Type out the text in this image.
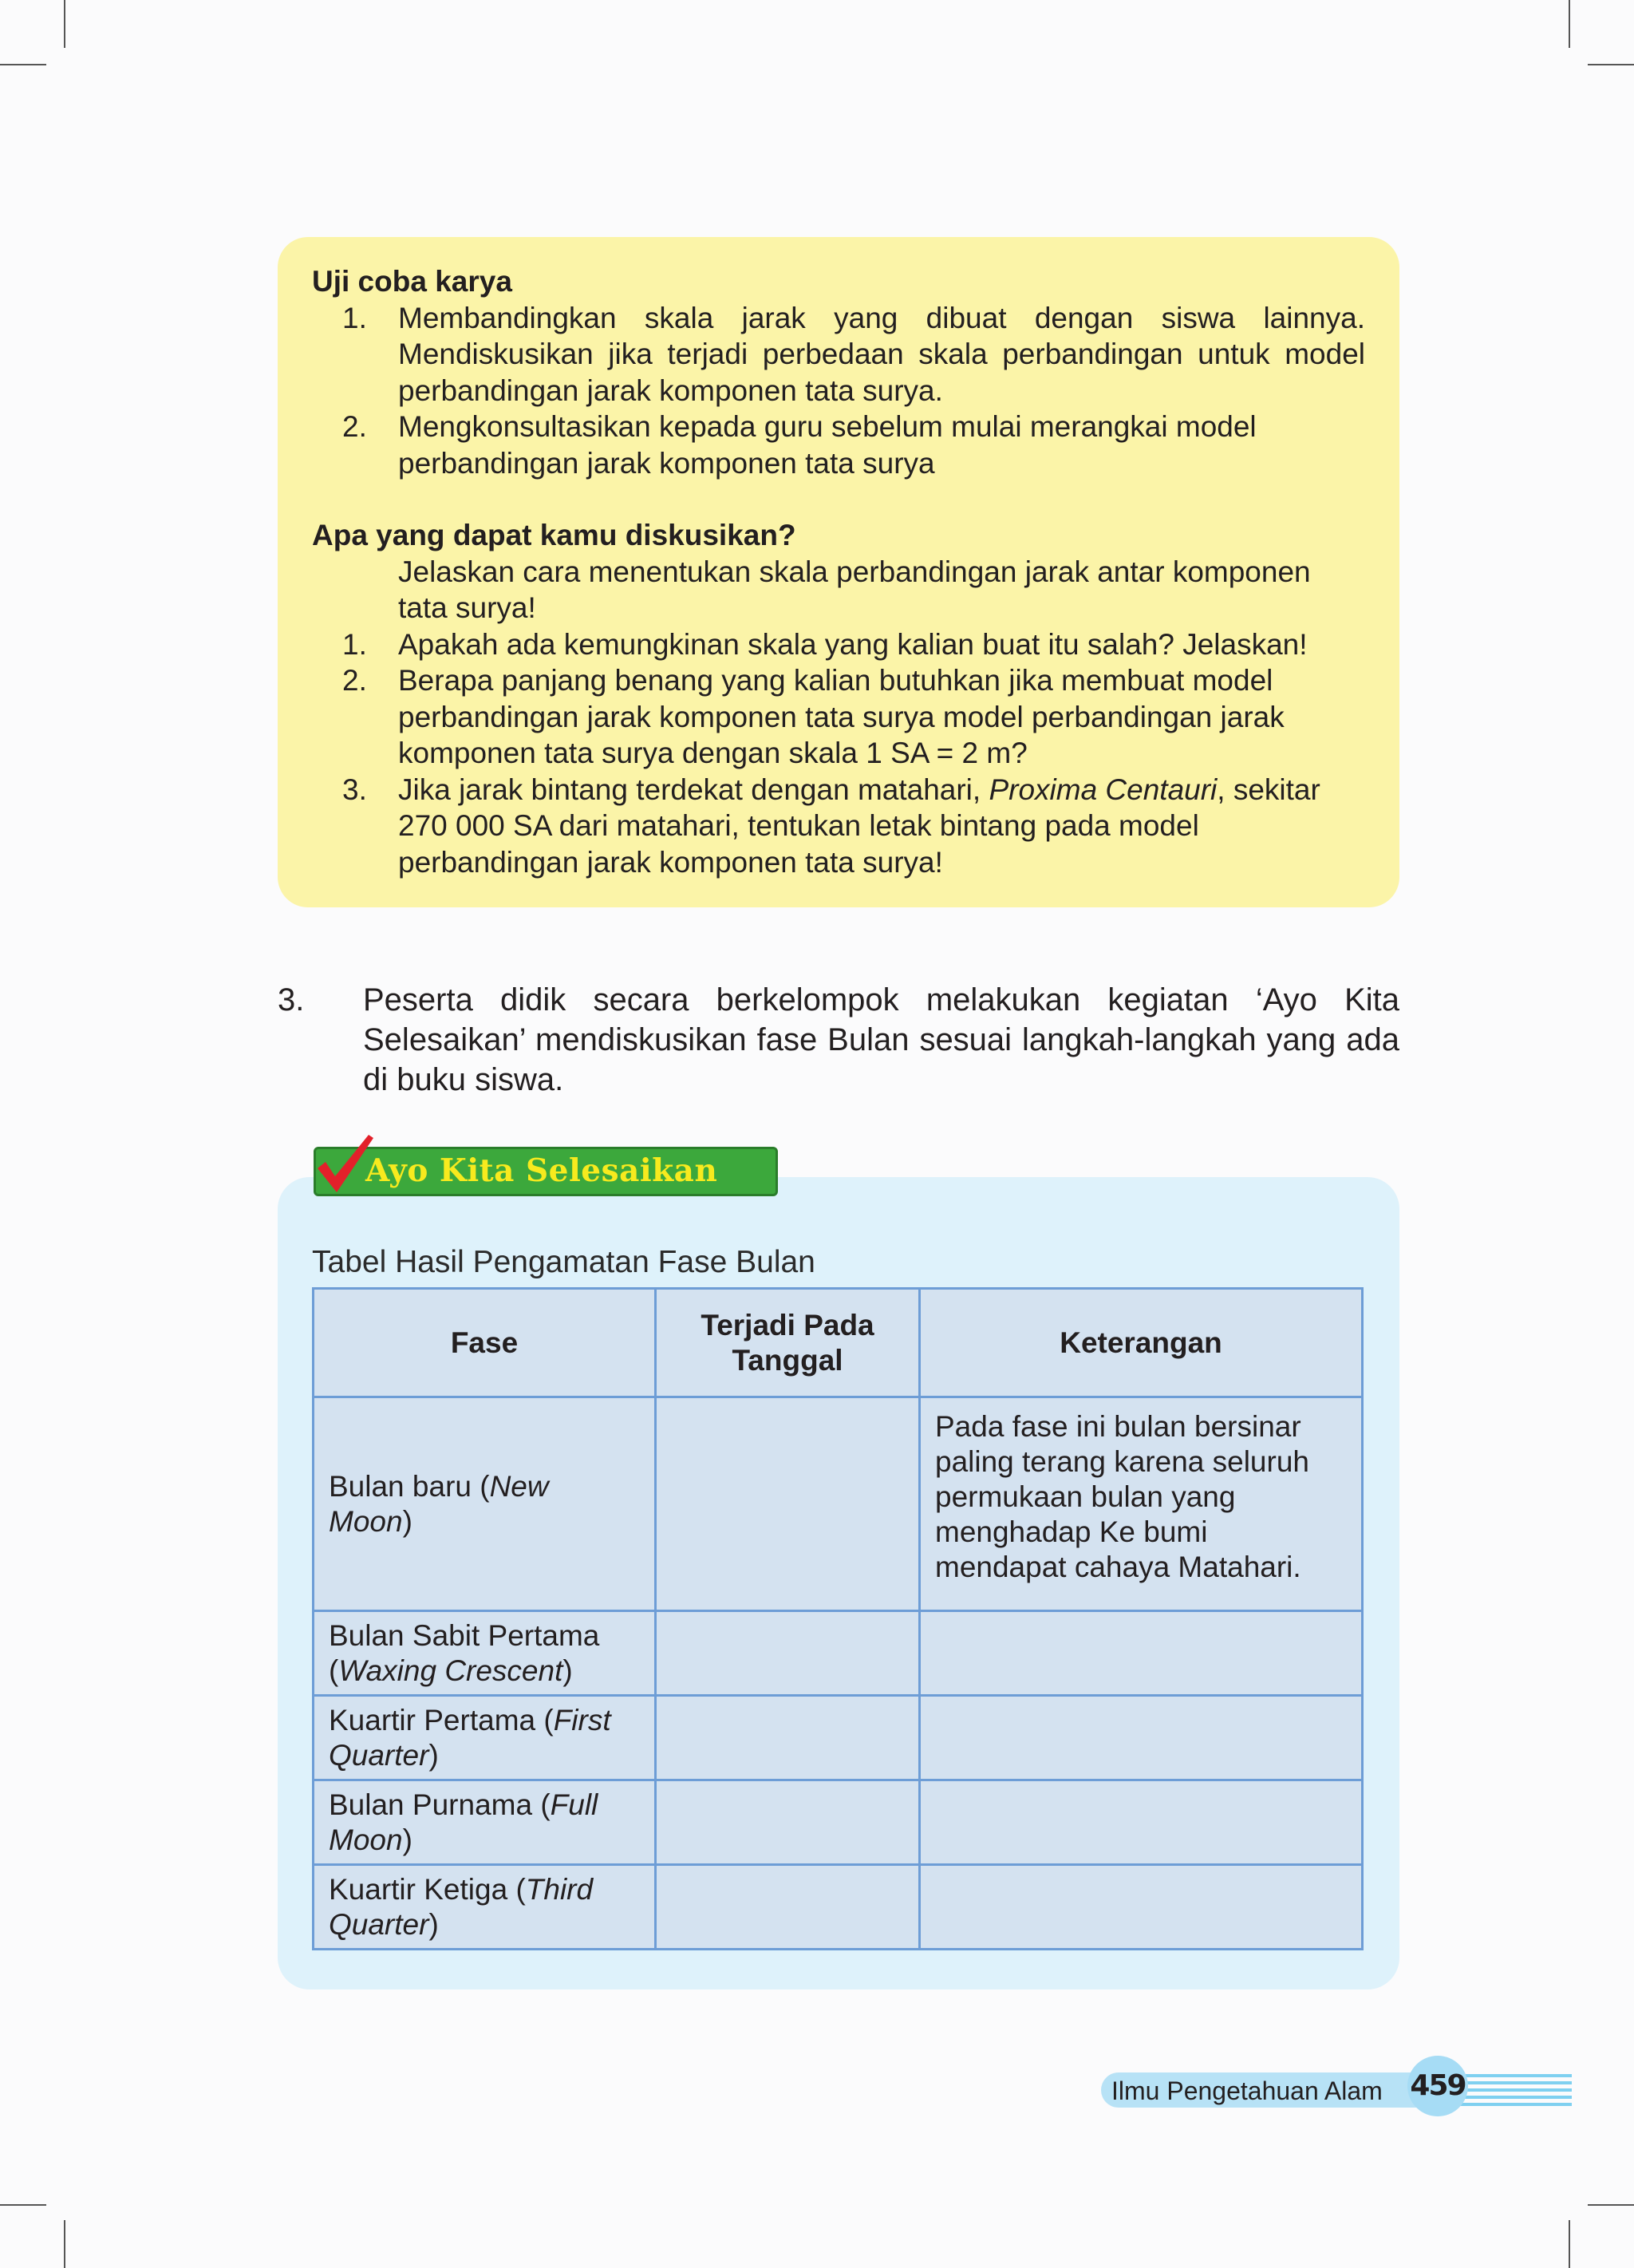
Uji coba karya
1. Membandingkan skala jarak yang dibuat dengan siswa lainnya. Mendiskusikan jika terjadi perbedaan skala perbandingan untuk model perbandingan jarak komponen tata surya.
2. Mengkonsultasikan kepada guru sebelum mulai merangkai model perbandingan jarak komponen tata surya
Apa yang dapat kamu diskusikan?
Jelaskan cara menentukan skala perbandingan jarak antar komponen tata surya!
1. Apakah ada kemungkinan skala yang kalian buat itu salah? Jelaskan!
2. Berapa panjang benang yang kalian butuhkan jika membuat model perbandingan jarak komponen tata surya model perbandingan jarak komponen tata surya dengan skala 1 SA = 2 m?
3. Jika jarak bintang terdekat dengan matahari, Proxima Centauri, sekitar 270 000 SA dari matahari, tentukan letak bintang pada model perbandingan jarak komponen tata surya!
3. Peserta didik secara berkelompok melakukan kegiatan ‘Ayo Kita Selesaikan’ mendiskusikan fase Bulan sesuai langkah-langkah yang ada di buku siswa.
Ayo Kita Selesaikan
Tabel Hasil Pengamatan Fase Bulan
Fase	Terjadi Pada Tanggal	Keterangan
Bulan baru (New Moon)		Pada fase ini bulan bersinar paling terang karena seluruh permukaan bulan yang menghadap Ke bumi mendapat cahaya Matahari.
Bulan Sabit Pertama (Waxing Crescent)		
Kuartir Pertama (First Quarter)		
Bulan Purnama (Full Moon)		
Kuartir Ketiga (Third Quarter)		
Ilmu Pengetahuan Alam 459
